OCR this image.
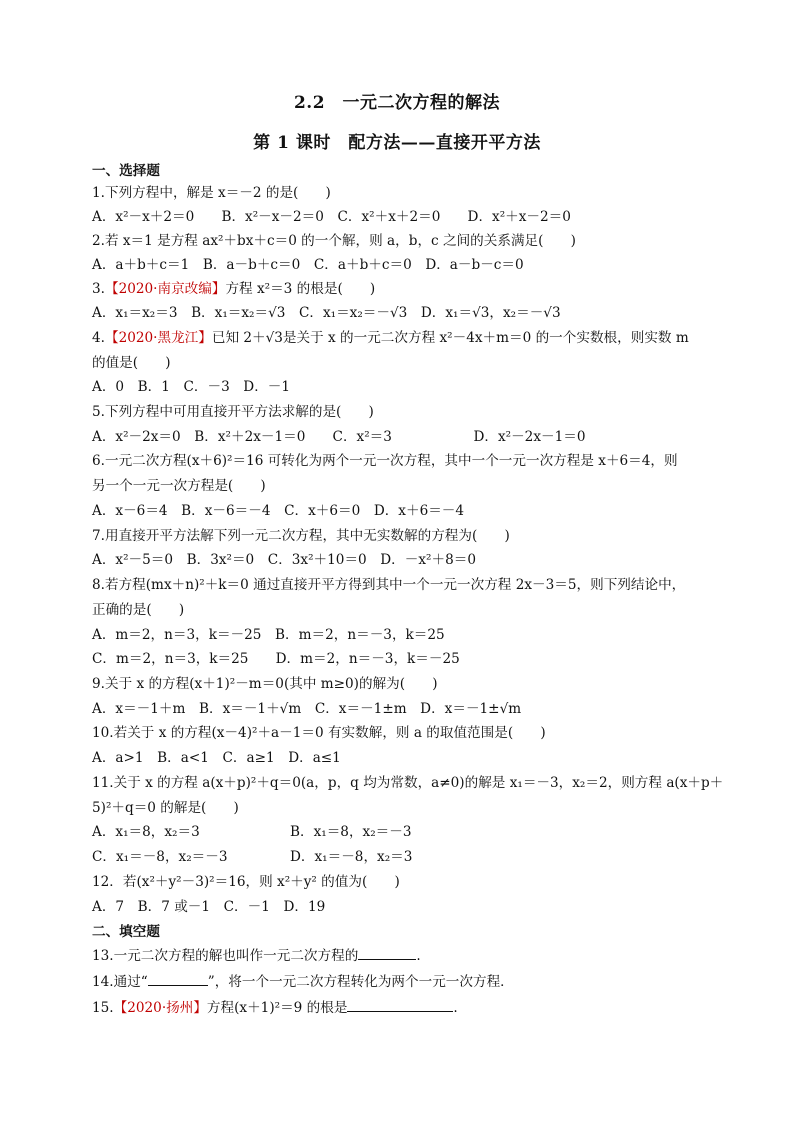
2.2　一元二次方程的解法
第 1 课时　配方法——直接开平方法
一、选择题
1.下列方程中，解是 x＝－2 的是(　　)
A．x²－x＋2＝0　　B．x²－x－2＝0　C．x²＋x＋2＝0　　D．x²＋x－2＝0
2.若 x＝1 是方程 ax²＋bx＋c＝0 的一个解，则 a，b，c 之间的关系满足(　　)
A．a＋b＋c＝1　B．a－b＋c＝0　C．a＋b＋c＝0　D．a－b－c＝0
3.【2020·南京改编】方程 x²＝3 的根是(　　)
A．x₁＝x₂＝3　B．x₁＝x₂＝√3　C．x₁＝x₂＝－√3　D．x₁＝√3，x₂＝－√3
4.【2020·黑龙江】已知 2＋√3是关于 x 的一元二次方程 x²－4x＋m＝0 的一个实数根，则实数 m
的值是(　　)
A．0　B．1　C．－3　D．－1
5.下列方程中可用直接开平方法求解的是(　　)
A．x²－2x＝0　B．x²＋2x－1＝0　　C．x²＝3　　　　　　D．x²－2x－1＝0
6.一元二次方程(x＋6)²＝16 可转化为两个一元一次方程，其中一个一元一次方程是 x＋6＝4，则
另一个一元一次方程是(　　)
A．x－6＝4　B．x－6＝－4　C．x＋6＝0　D．x＋6＝－4
7.用直接开平方法解下列一元二次方程，其中无实数解的方程为(　　)
A．x²－5＝0　B．3x²＝0　C．3x²＋10＝0　D．－x²＋8＝0
8.若方程(mx＋n)²＋k＝0 通过直接开平方得到其中一个一元一次方程 2x－3＝5，则下列结论中，
正确的是(　　)
A．m＝2，n＝3，k＝－25　B．m＝2，n＝－3，k＝25
C．m＝2，n＝3，k＝25　　D．m＝2，n＝－3，k＝－25
9.关于 x 的方程(x＋1)²－m＝0(其中 m≥0)的解为(　　)
A．x＝－1＋m　B．x＝－1＋√m　C．x＝－1±m　D．x＝－1±√m
10.若关于 x 的方程(x－4)²＋a－1＝0 有实数解，则 a 的取值范围是(　　)
A．a>1　B．a<1　C．a≥1　D．a≤1
11.关于 x 的方程 a(x＋p)²＋q＝0(a，p，q 均为常数，a≠0)的解是 x₁＝－3，x₂＝2，则方程 a(x＋p＋
5)²＋q＝0 的解是(　　)
A．x₁＝8，x₂＝3	B．x₁＝8，x₂＝－3
C．x₁＝－8，x₂＝－3	D．x₁＝－8，x₂＝3
12．若(x²＋y²－3)²＝16，则 x²＋y² 的值为(　　)
A．7　B．7 或－1　C．－1　D．19
二、填空题
13.一元二次方程的解也叫作一元二次方程的	.
14.通过“	”，将一个一元二次方程转化为两个一元一次方程．
15.【2020·扬州】方程(x＋1)²＝9 的根是	.
